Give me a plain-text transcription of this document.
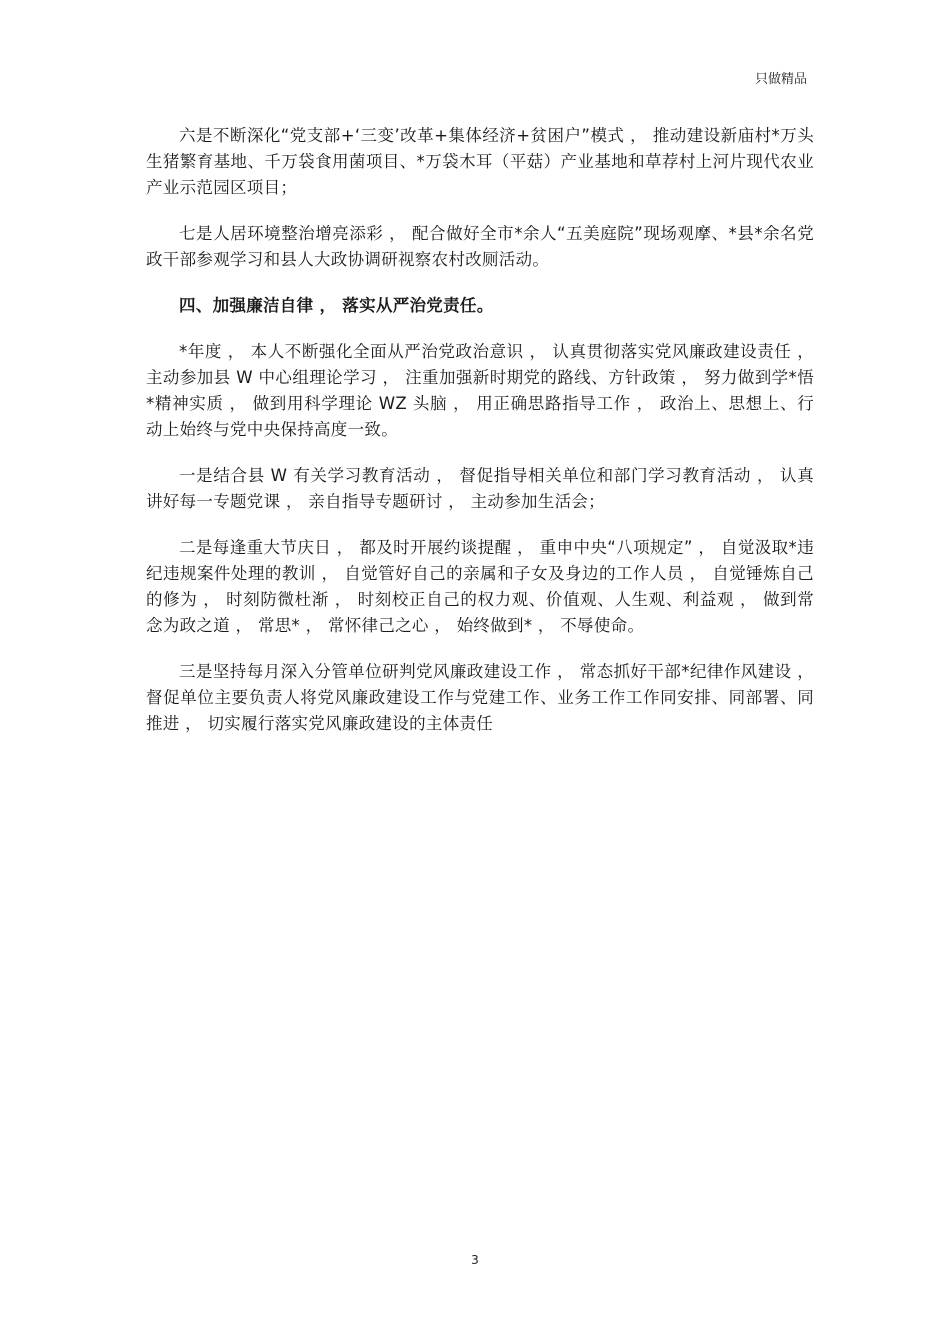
只做精品

六是不断深化“党支部+‘三变’改革+集体经济+贫困户”模式 ， 推动建设新庙村*万头生猪繁育基地、千万袋食用菌项目、*万袋木耳（平菇）产业基地和草荐村上河片现代农业产业示范园区项目；

七是人居环境整治增亮添彩 ， 配合做好全市*余人“五美庭院”现场观摩、*县*余名党政干部参观学习和县人大政协调研视察农村改厕活动。

四、加强廉洁自律 ， 落实从严治党责任。

*年度 ， 本人不断强化全面从严治党政治意识 ， 认真贯彻落实党风廉政建设责任 ， 主动参加县 W 中心组理论学习 ， 注重加强新时期党的路线、方针政策 ， 努力做到学*悟*精神实质 ， 做到用科学理论 WZ 头脑 ， 用正确思路指导工作 ， 政治上、思想上、行动上始终与党中央保持高度一致。

一是结合县 W 有关学习教育活动 ， 督促指导相关单位和部门学习教育活动 ， 认真讲好每一专题党课 ， 亲自指导专题研讨 ， 主动参加生活会；

二是每逢重大节庆日 ， 都及时开展约谈提醒 ， 重申中央“八项规定” ， 自觉汲取*违纪违规案件处理的教训 ， 自觉管好自己的亲属和子女及身边的工作人员 ， 自觉锤炼自己的修为 ， 时刻防微杜渐 ， 时刻校正自己的权力观、价值观、人生观、利益观 ， 做到常念为政之道 ， 常思* ， 常怀律己之心 ， 始终做到* ， 不辱使命。

三是坚持每月深入分管单位研判党风廉政建设工作 ， 常态抓好干部*纪律作风建设 ， 督促单位主要负责人将党风廉政建设工作与党建工作、业务工作工作同安排、同部署、同推进 ， 切实履行落实党风廉政建设的主体责任

3
